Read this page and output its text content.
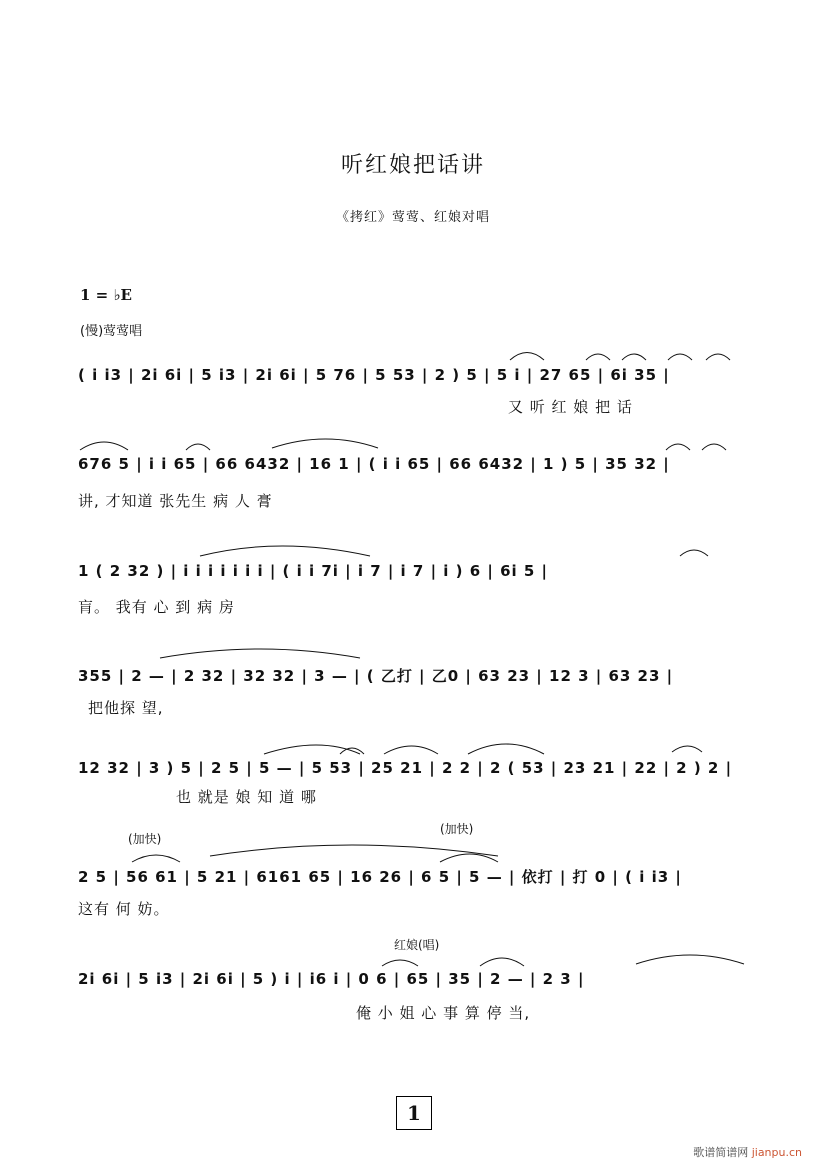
听红娘把话讲
《拷红》莺莺、红娘对唱
1 = ♭E
(慢)莺莺唱
( i i3 | 2i 6i | 5 i3 | 2i 6i | 5 76 | 5 53 | 2 ) 5 | 5 i | 27 65 | 6i 35 |
又 听 红 娘 把 话
676 5 | i i 65 | 66 6432 | 16 1 | ( i i 65 | 66 6432 | 1 ) 5 | 35 32 |
讲, 才知道 张先生 病 人 膏
1 ( 2 32 ) | i i i i i i i | ( i i 7i | i 7 | i 7 | i ) 6 | 6i 5 |
肓。 我有 心 到 病 房
355 | 2 — | 2 32 | 32 32 | 3 — | ( 乙打 | 乙0 | 63 23 | 12 3 | 63 23 |
把他探 望,
12 32 | 3 ) 5 | 2 5 | 5 — | 5 53 | 25 21 | 2 2 | 2 ( 53 | 23 21 | 22 | 2 ) 2 |
也 就是 娘 知 道 哪
(加快)
(加快)
2 5 | 56 61 | 5 21 | 6161 65 | 16 26 | 6 5 | 5 — | 依打 | 打 0 | ( i i3 |
这有 何 妨。
红娘(唱)
2i 6i | 5 i3 | 2i 6i | 5 ) i | i6 i | 0 6 | 65 | 35 | 2 — | 2 3 |
俺 小 姐 心 事 算 停 当,
1
歌谱简谱网 jianpu.cn
